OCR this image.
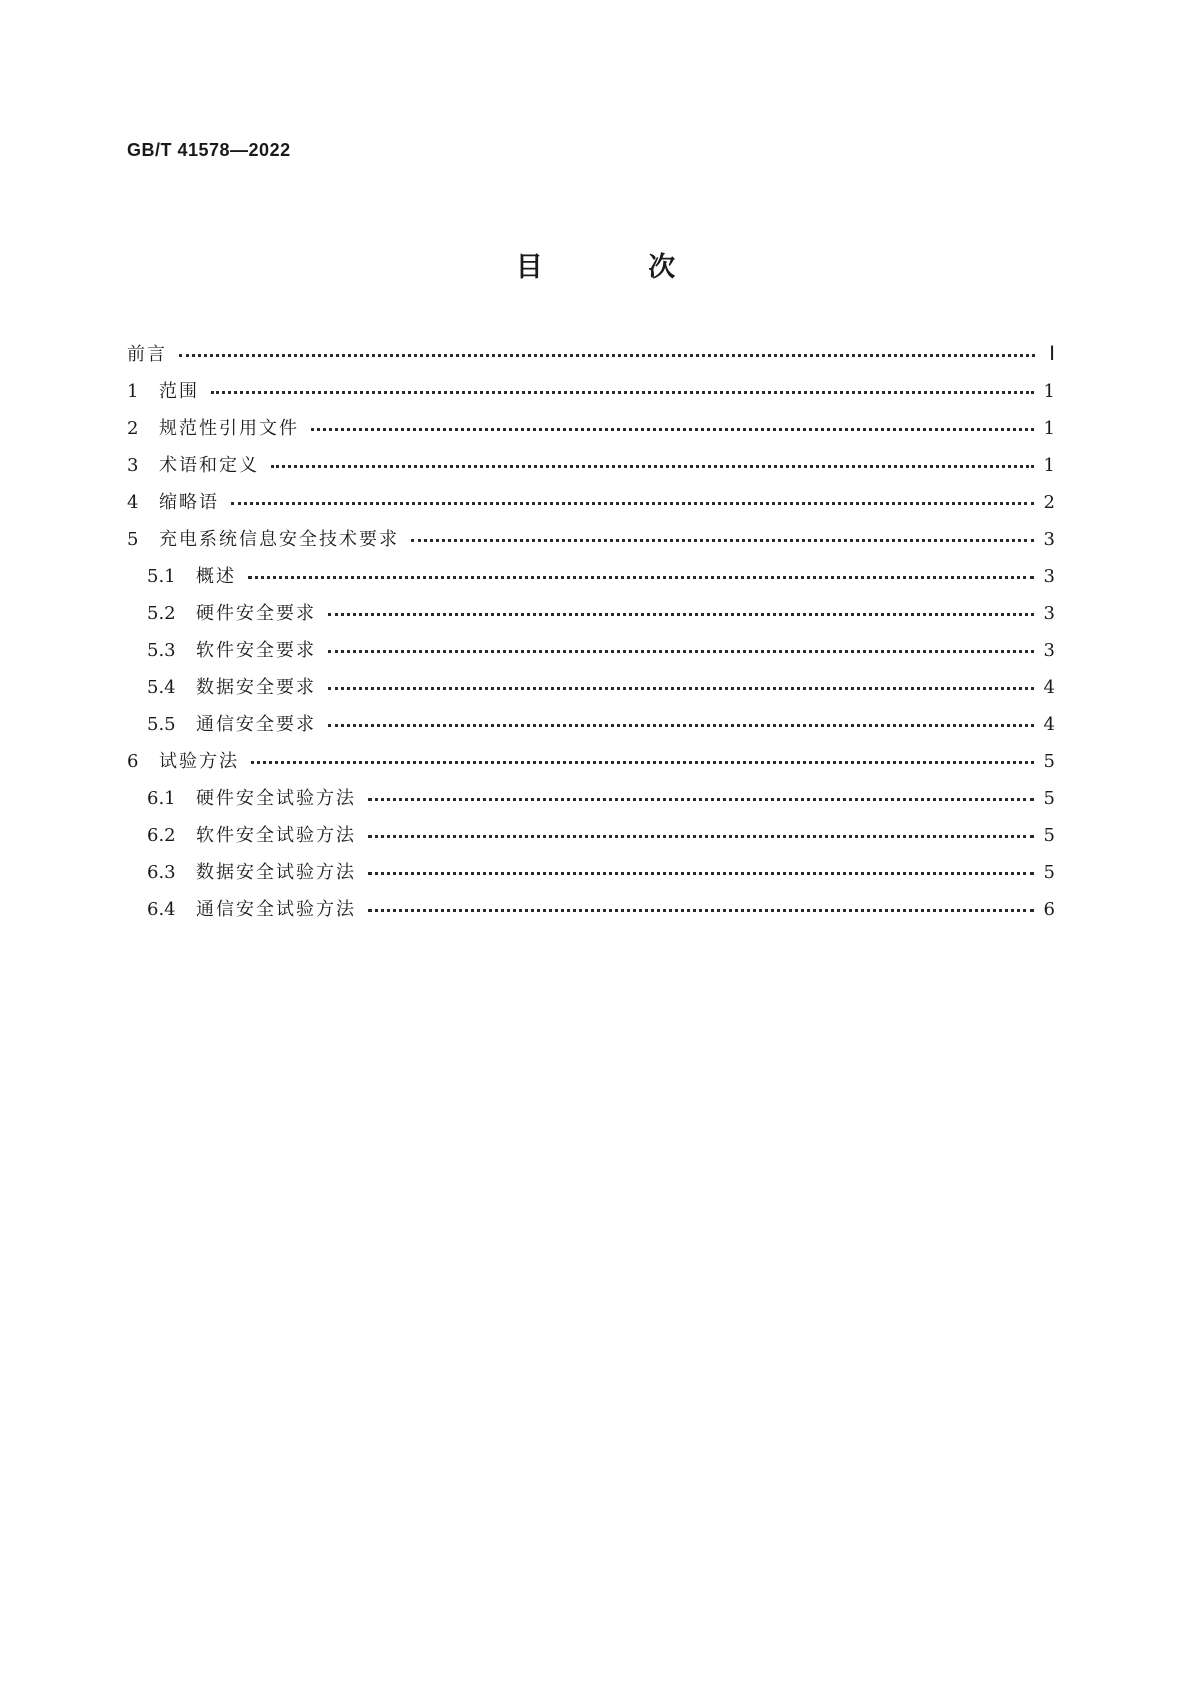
GB/T 41578—2022
目 次
前言	Ⅰ
1	范围	1
2	规范性引用文件	1
3	术语和定义	1
4	缩略语	2
5	充电系统信息安全技术要求	3
5.1	概述	3
5.2	硬件安全要求	3
5.3	软件安全要求	3
5.4	数据安全要求	4
5.5	通信安全要求	4
6	试验方法	5
6.1	硬件安全试验方法	5
6.2	软件安全试验方法	5
6.3	数据安全试验方法	5
6.4	通信安全试验方法	6
